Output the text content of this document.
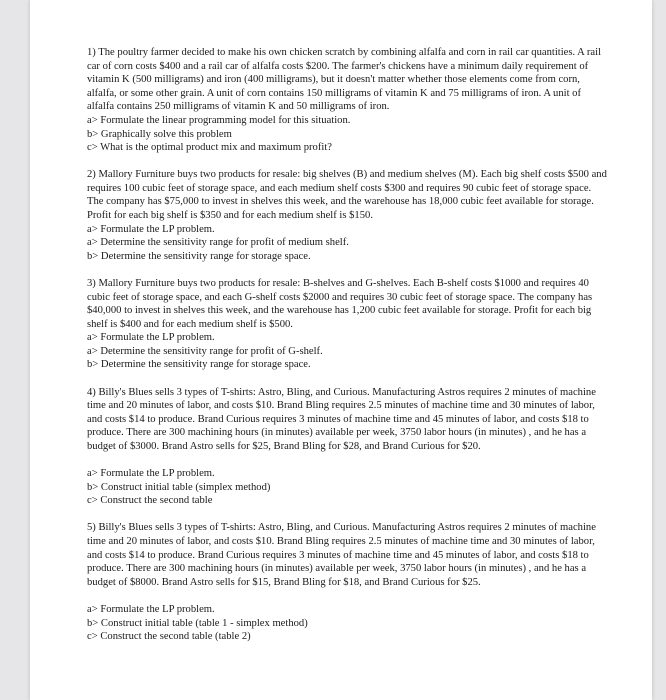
1) The poultry farmer decided to make his own chicken scratch by combining alfalfa and corn in rail car quantities. A rail car of corn costs $400 and a rail car of alfalfa costs $200. The farmer's chickens have a minimum daily requirement of vitamin K (500 milligrams) and iron (400 milligrams), but it doesn't matter whether those elements come from corn, alfalfa, or some other grain. A unit of corn contains 150 milligrams of vitamin K and 75 milligrams of iron. A unit of alfalfa contains 250 milligrams of vitamin K and 50 milligrams of iron.

a> Formulate the linear programming model for this situation.
b> Graphically solve this problem
c> What is the optimal product mix and maximum profit?

2) Mallory Furniture buys two products for resale: big shelves (B) and medium shelves (M). Each big shelf costs $500 and requires 100 cubic feet of storage space, and each medium shelf costs $300 and requires 90 cubic feet of storage space. The company has $75,000 to invest in shelves this week, and the warehouse has 18,000 cubic feet available for storage. Profit for each big shelf is $350 and for each medium shelf is $150.

a> Formulate the LP problem.
a> Determine the sensitivity range for profit of medium shelf.
b> Determine the sensitivity range for storage space.

3) Mallory Furniture buys two products for resale: B-shelves and G-shelves. Each B-shelf costs $1000 and requires 40 cubic feet of storage space, and each G-shelf costs $2000 and requires 30 cubic feet of storage space. The company has $40,000 to invest in shelves this week, and the warehouse has 1,200 cubic feet available for storage. Profit for each big shelf is $400 and for each medium shelf is $500.

a> Formulate the LP problem.
a> Determine the sensitivity range for profit of G-shelf.
b> Determine the sensitivity range for storage space.

4) Billy's Blues sells 3 types of T-shirts: Astro, Bling, and Curious. Manufacturing Astros requires 2 minutes of machine time and 20 minutes of labor, and costs $10. Brand Bling requires 2.5 minutes of machine time and 30 minutes of labor, and costs $14 to produce. Brand Curious requires 3 minutes of machine time and 45 minutes of labor, and costs $18 to produce. There are 300 machining hours (in minutes) available per week, 3750 labor hours (in minutes) , and he has a budget of $3000. Brand Astro sells for $25, Brand Bling for $28, and Brand Curious for $20.

a> Formulate the LP problem.
b> Construct initial table (simplex method)
c> Construct the second table

5) Billy's Blues sells 3 types of T-shirts: Astro, Bling, and Curious. Manufacturing Astros requires 2 minutes of machine time and 20 minutes of labor, and costs $10. Brand Bling requires 2.5 minutes of machine time and 30 minutes of labor, and costs $14 to produce. Brand Curious requires 3 minutes of machine time and 45 minutes of labor, and costs $18 to produce. There are 300 machining hours (in minutes) available per week, 3750 labor hours (in minutes) , and he has a budget of $8000. Brand Astro sells for $15, Brand Bling for $18, and Brand Curious for $25.

a> Formulate the LP problem.
b> Construct initial table (table 1 - simplex method)
c> Construct the second table (table 2)
